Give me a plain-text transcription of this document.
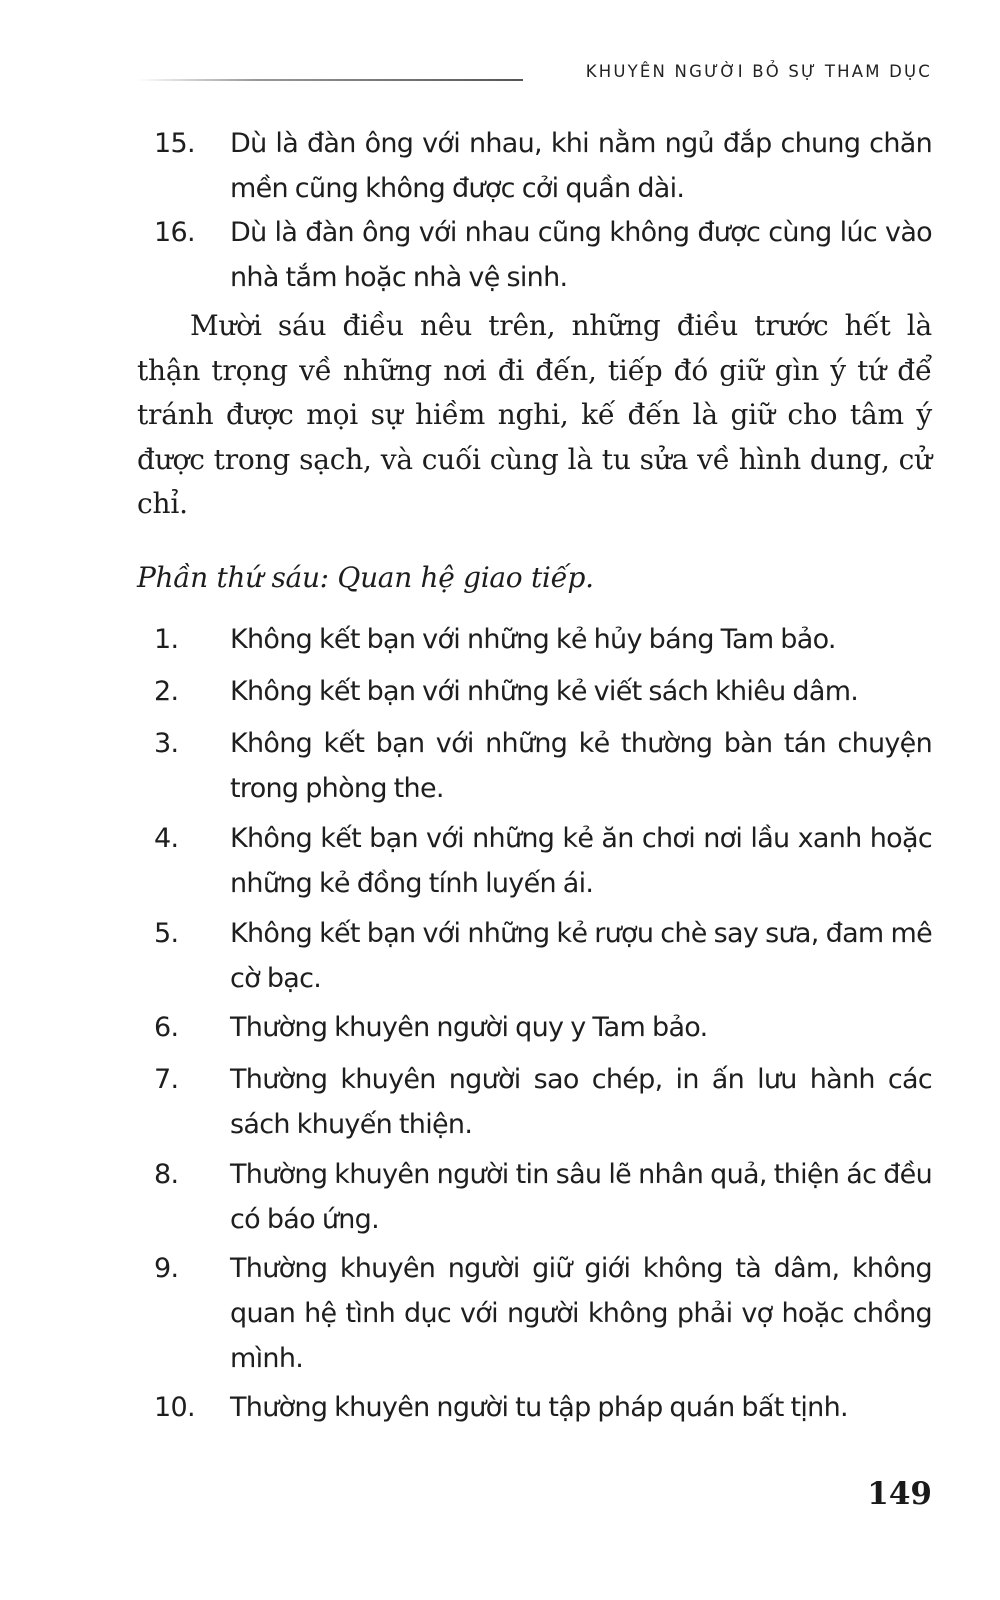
KHUYÊN NGƯỜI BỎ SỰ THAM DỤC
15. Dù là đàn ông với nhau, khi nằm ngủ đắp chung chăn mền cũng không được cởi quần dài.
16. Dù là đàn ông với nhau cũng không được cùng lúc vào nhà tắm hoặc nhà vệ sinh.
Mười sáu điều nêu trên, những điều trước hết là thận trọng về những nơi đi đến, tiếp đó giữ gìn ý tứ để tránh được mọi sự hiềm nghi, kế đến là giữ cho tâm ý được trong sạch, và cuối cùng là tu sửa về hình dung, cử chỉ.
Phần thứ sáu: Quan hệ giao tiếp.
1. Không kết bạn với những kẻ hủy báng Tam bảo.
2. Không kết bạn với những kẻ viết sách khiêu dâm.
3. Không kết bạn với những kẻ thường bàn tán chuyện trong phòng the.
4. Không kết bạn với những kẻ ăn chơi nơi lầu xanh hoặc những kẻ đồng tính luyến ái.
5. Không kết bạn với những kẻ rượu chè say sưa, đam mê cờ bạc.
6. Thường khuyên người quy y Tam bảo.
7. Thường khuyên người sao chép, in ấn lưu hành các sách khuyến thiện.
8. Thường khuyên người tin sâu lẽ nhân quả, thiện ác đều có báo ứng.
9. Thường khuyên người giữ giới không tà dâm, không quan hệ tình dục với người không phải vợ hoặc chồng mình.
10. Thường khuyên người tu tập pháp quán bất tịnh.
149
